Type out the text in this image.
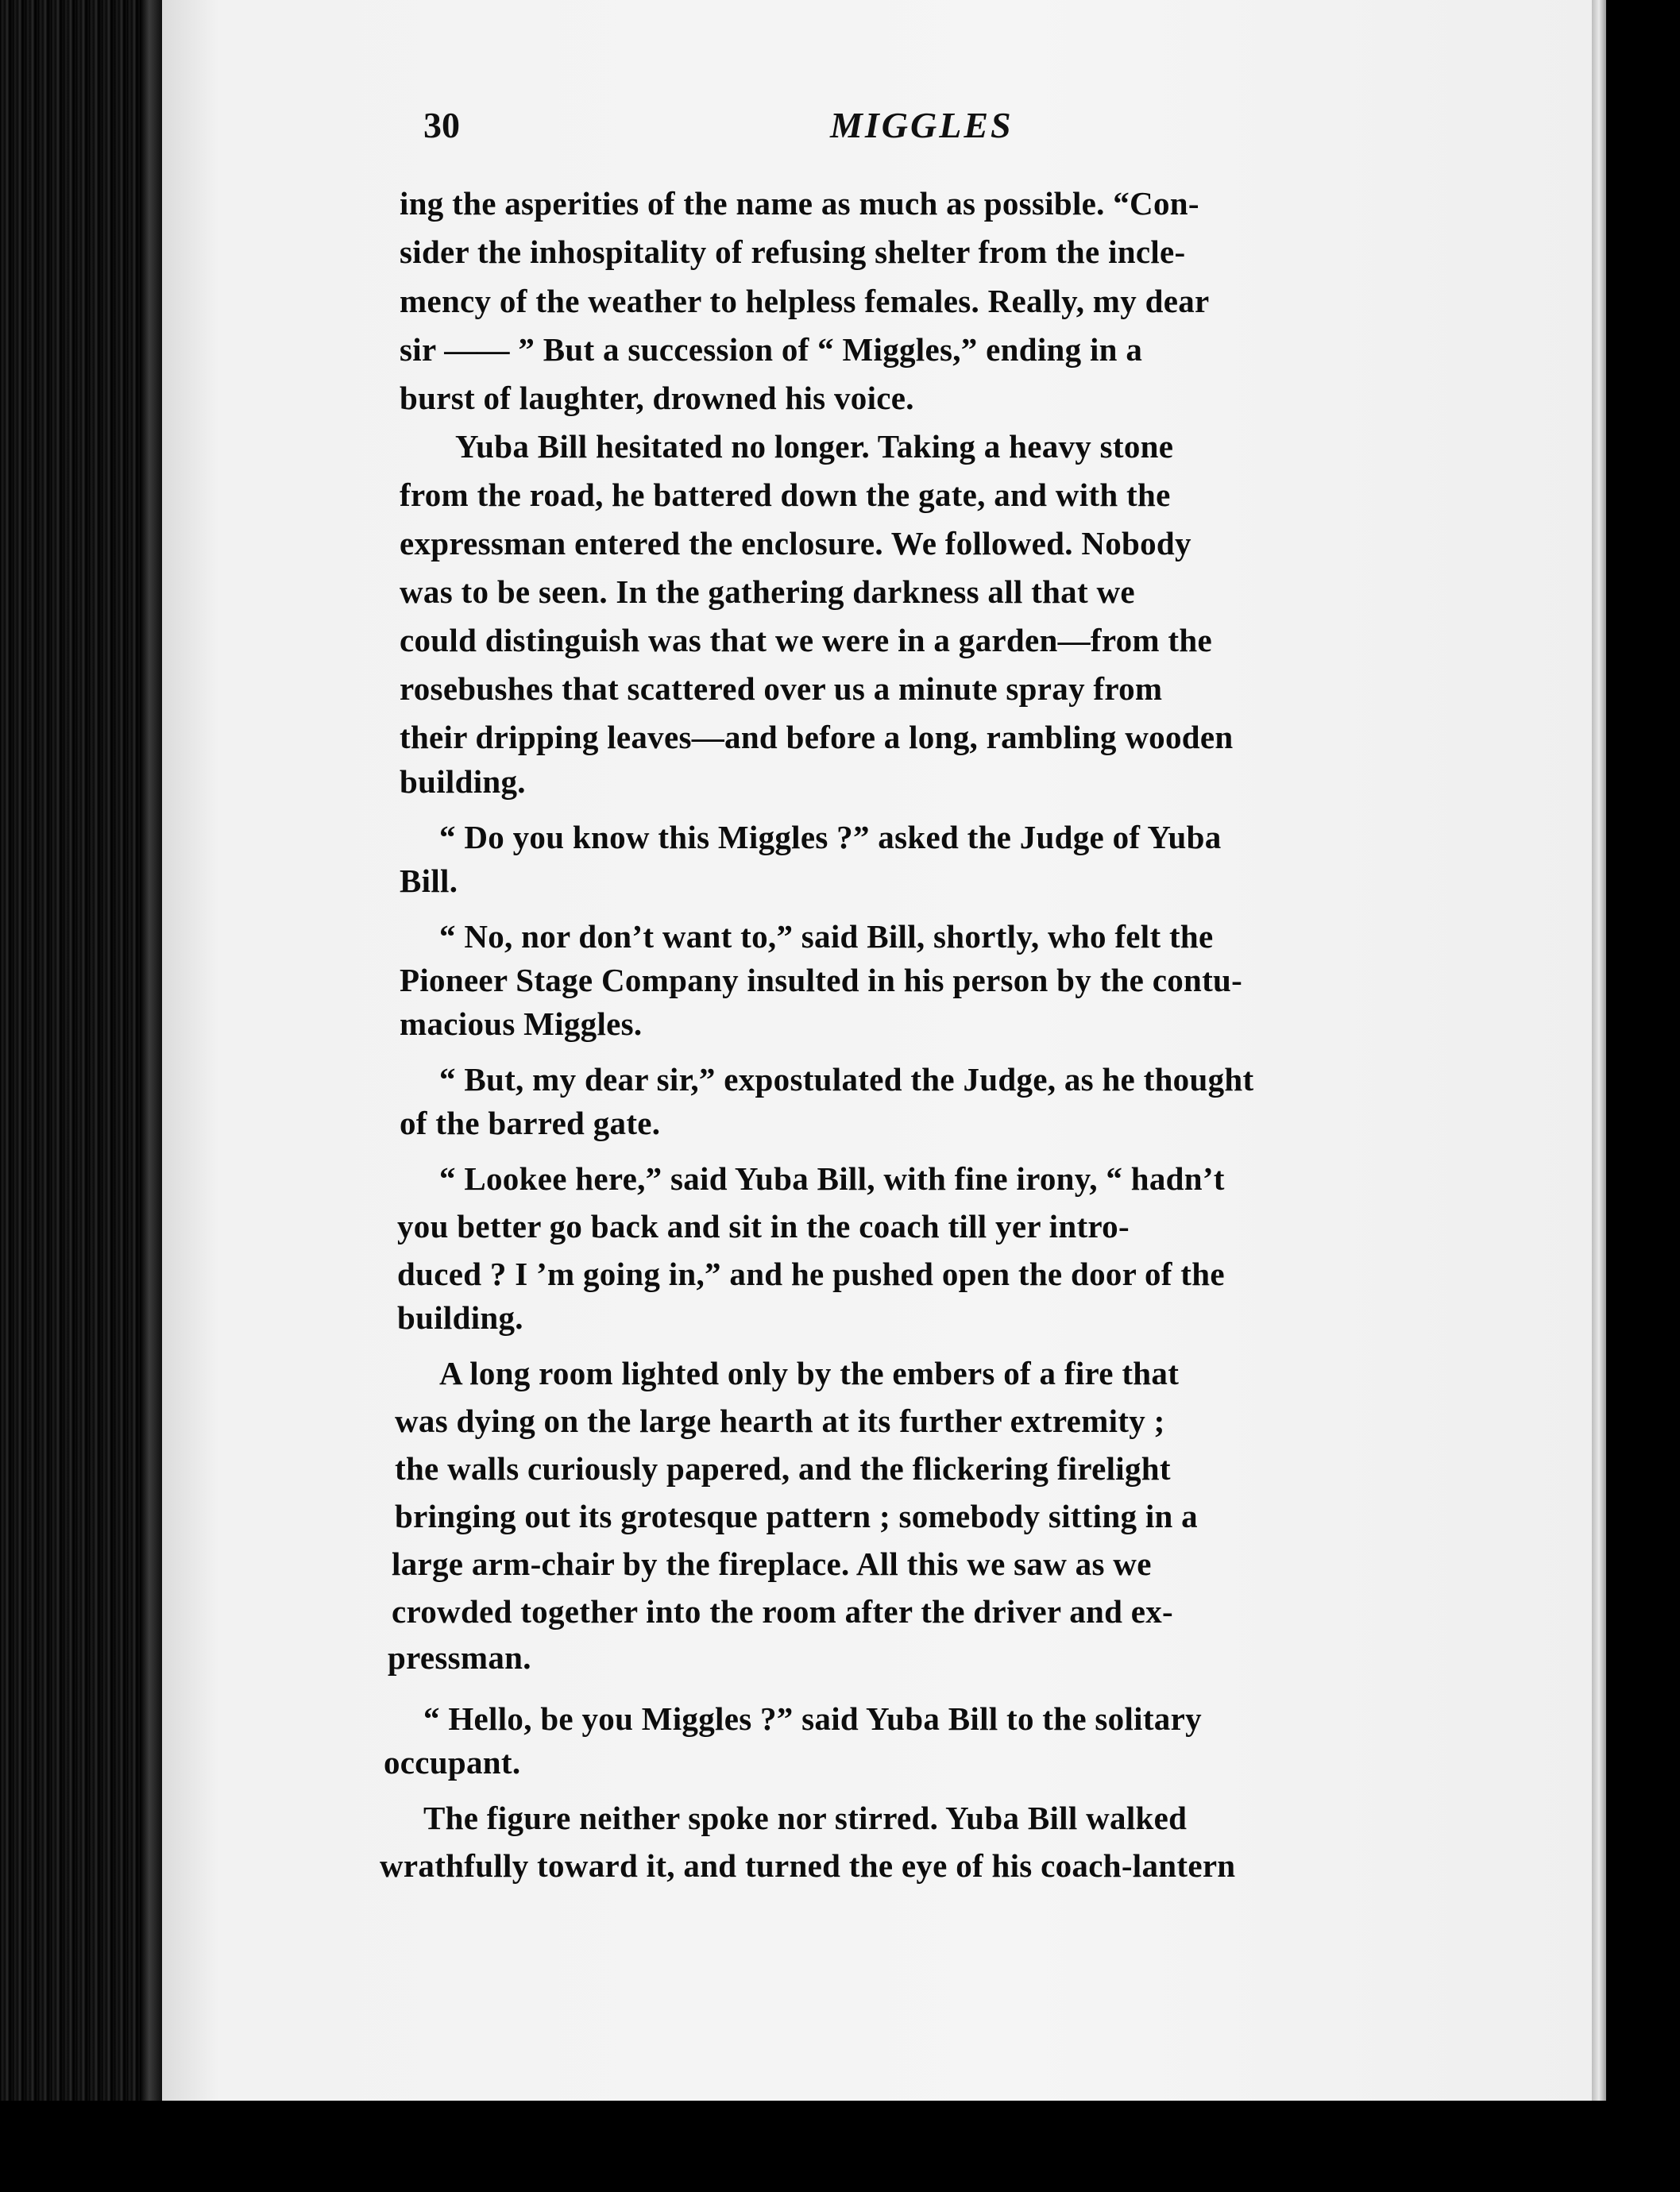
30	MIGGLES
ing the asperities of the name as much as possible. “Con-
sider the inhospitality of refusing shelter from the incle-
mency of the weather to helpless females. Really, my dear
sir —— ” But a succession of “ Miggles,” ending in a
burst of laughter, drowned his voice.
Yuba Bill hesitated no longer. Taking a heavy stone
from the road, he battered down the gate, and with the
expressman entered the enclosure. We followed. Nobody
was to be seen. In the gathering darkness all that we
could distinguish was that we were in a garden—from the
rosebushes that scattered over us a minute spray from
their dripping leaves—and before a long, rambling wooden
building.
“ Do you know this Miggles ?” asked the Judge of Yuba
Bill.
“ No, nor don’t want to,” said Bill, shortly, who felt the
Pioneer Stage Company insulted in his person by the contu-
macious Miggles.
“ But, my dear sir,” expostulated the Judge, as he thought
of the barred gate.
“ Lookee here,” said Yuba Bill, with fine irony, “ hadn’t
you better go back and sit in the coach till yer intro-
duced ? I ’m going in,” and he pushed open the door of the
building.
A long room lighted only by the embers of a fire that
was dying on the large hearth at its further extremity ;
the walls curiously papered, and the flickering firelight
bringing out its grotesque pattern ; somebody sitting in a
large arm-chair by the fireplace. All this we saw as we
crowded together into the room after the driver and ex-
pressman.
“ Hello, be you Miggles ?” said Yuba Bill to the solitary
occupant.
The figure neither spoke nor stirred. Yuba Bill walked
wrathfully toward it, and turned the eye of his coach-lantern
